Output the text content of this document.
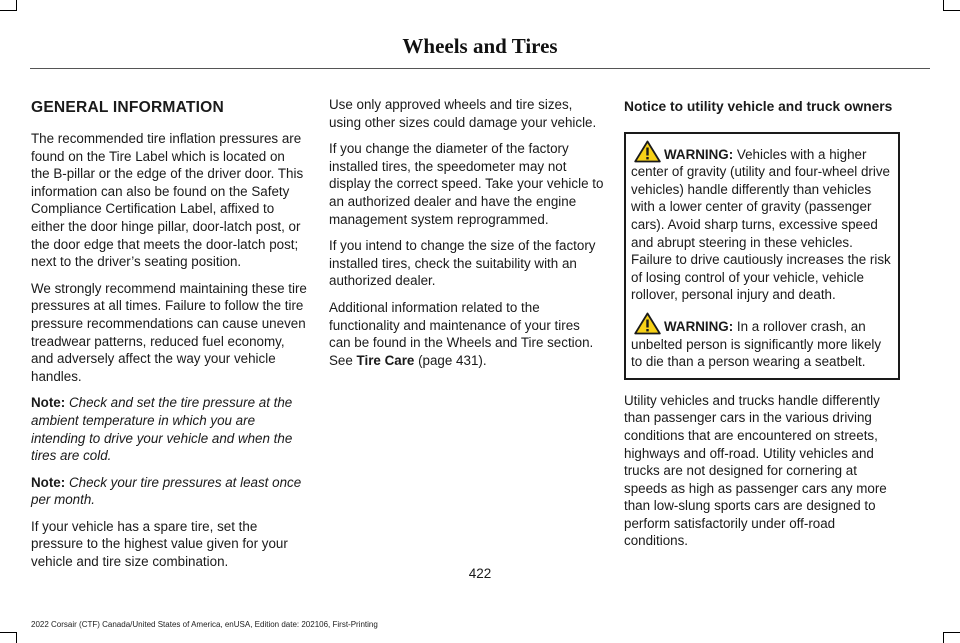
Wheels and Tires
GENERAL INFORMATION

The recommended tire inflation pressures are found on the Tire Label which is located on the B-pillar or the edge of the driver door. This information can also be found on the Safety Compliance Certification Label, affixed to either the door hinge pillar, door-latch post, or the door edge that meets the door-latch post; next to the driver’s seating position.

We strongly recommend maintaining these tire pressures at all times. Failure to follow the tire pressure recommendations can cause uneven treadwear patterns, reduced fuel economy, and adversely affect the way your vehicle handles.

Note: Check and set the tire pressure at the ambient temperature in which you are intending to drive your vehicle and when the tires are cold.

Note: Check your tire pressures at least once per month.

If your vehicle has a spare tire, set the pressure to the highest value given for your vehicle and tire size combination.

Use only approved wheels and tire sizes, using other sizes could damage your vehicle.

If you change the diameter of the factory installed tires, the speedometer may not display the correct speed. Take your vehicle to an authorized dealer and have the engine management system reprogrammed.

If you intend to change the size of the factory installed tires, check the suitability with an authorized dealer.

Additional information related to the functionality and maintenance of your tires can be found in the Wheels and Tire section. See Tire Care (page 431).

Notice to utility vehicle and truck owners
WARNING: Vehicles with a higher center of gravity (utility and four-wheel drive vehicles) handle differently than vehicles with a lower center of gravity (passenger cars). Avoid sharp turns, excessive speed and abrupt steering in these vehicles. Failure to drive cautiously increases the risk of losing control of your vehicle, vehicle rollover, personal injury and death.
WARNING: In a rollover crash, an unbelted person is significantly more likely to die than a person wearing a seatbelt.

Utility vehicles and trucks handle differently than passenger cars in the various driving conditions that are encountered on streets, highways and off-road. Utility vehicles and trucks are not designed for cornering at speeds as high as passenger cars any more than low-slung sports cars are designed to perform satisfactorily under off-road conditions.

422
2022 Corsair (CTF) Canada/United States of America, enUSA, Edition date: 202106, First-Printing
